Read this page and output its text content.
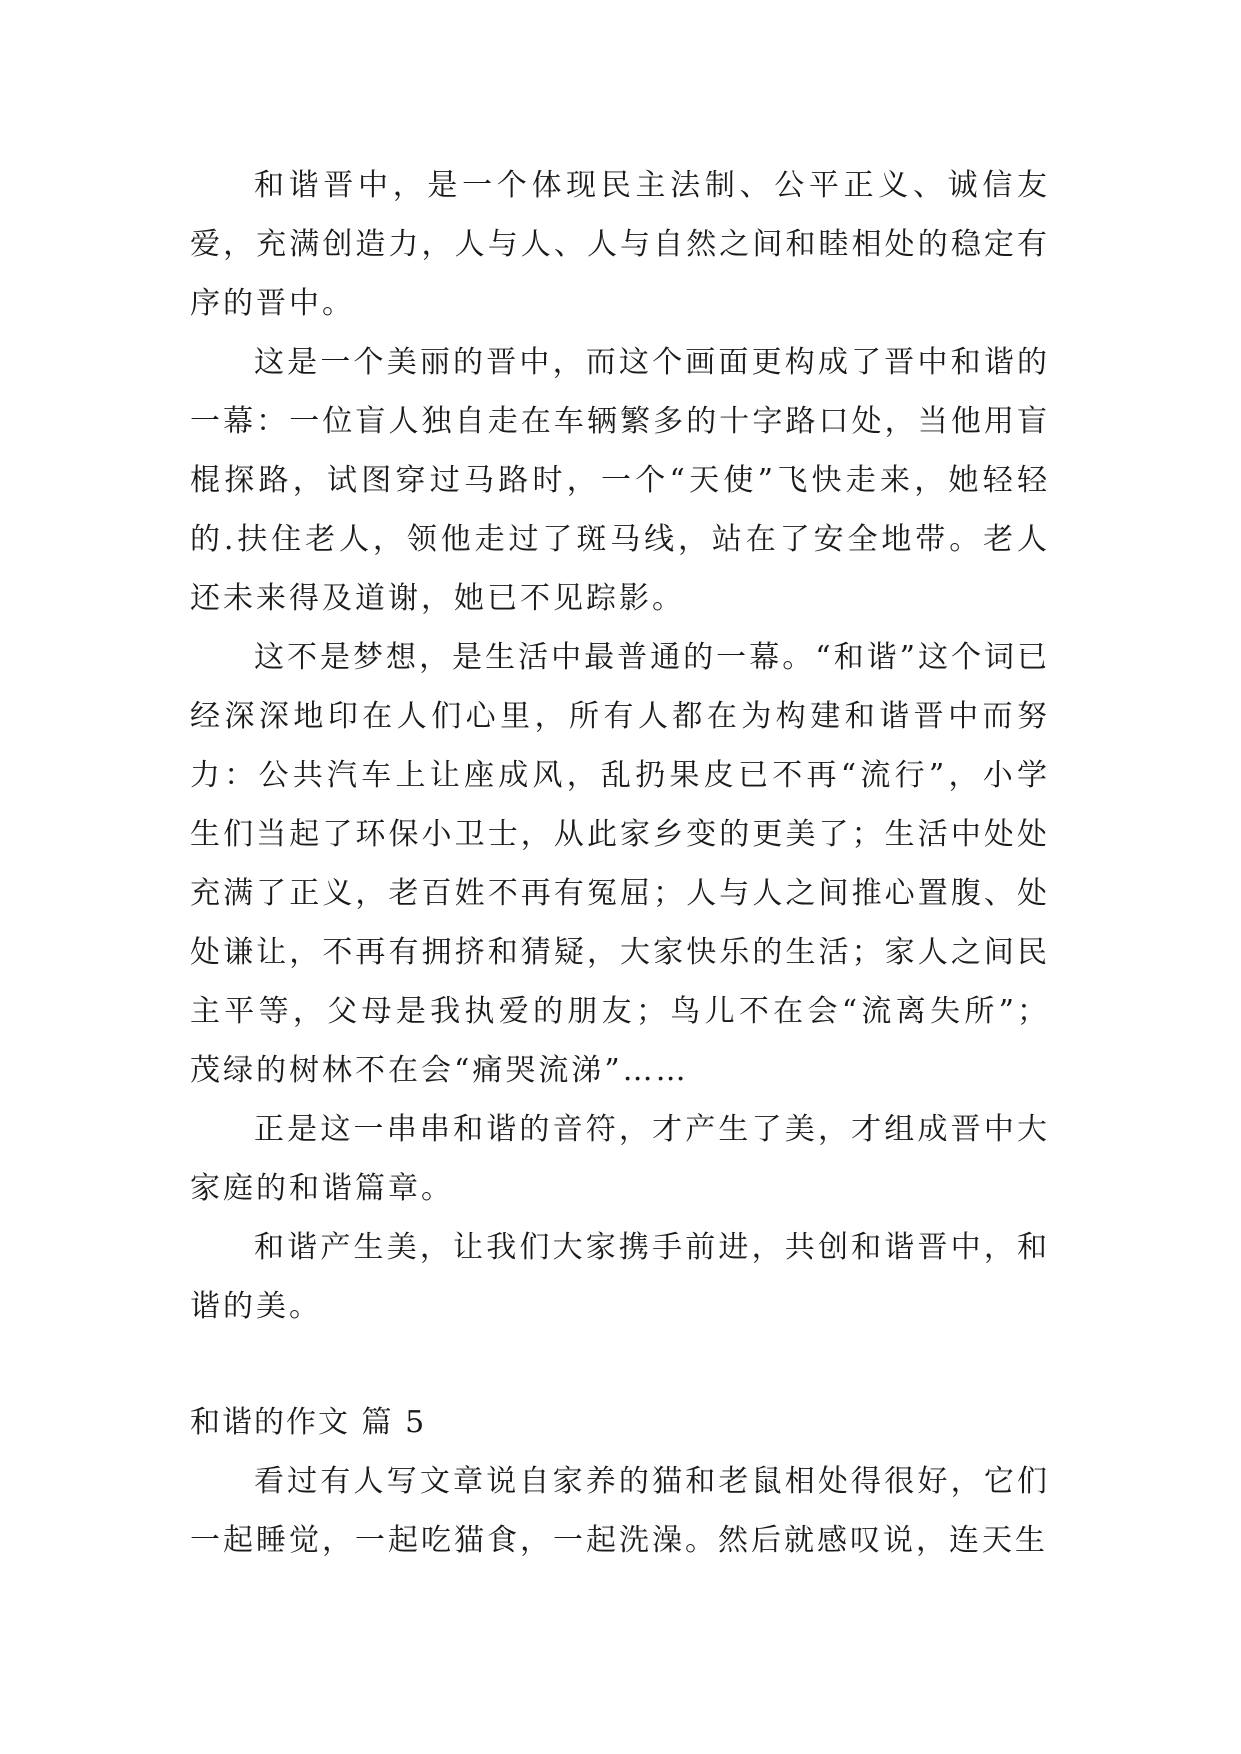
和谐晋中，是一个体现民主法制、公平正义、诚信友爱，充满创造力，人与人、人与自然之间和睦相处的稳定有序的晋中。

这是一个美丽的晋中，而这个画面更构成了晋中和谐的一幕：一位盲人独自走在车辆繁多的十字路口处，当他用盲棍探路，试图穿过马路时，一个“天使”飞快走来，她轻轻的.扶住老人，领他走过了斑马线，站在了安全地带。老人还未来得及道谢，她已不见踪影。

这不是梦想，是生活中最普通的一幕。“和谐”这个词已经深深地印在人们心里，所有人都在为构建和谐晋中而努力：公共汽车上让座成风，乱扔果皮已不再“流行”，小学生们当起了环保小卫士，从此家乡变的更美了；生活中处处充满了正义，老百姓不再有冤屈；人与人之间推心置腹、处处谦让，不再有拥挤和猜疑，大家快乐的生活；家人之间民主平等，父母是我执爱的朋友；鸟儿不在会“流离失所”；茂绿的树林不在会“痛哭流涕”……

正是这一串串和谐的音符，才产生了美，才组成晋中大家庭的和谐篇章。

和谐产生美，让我们大家携手前进，共创和谐晋中，和谐的美。

和谐的作文 篇 5

看过有人写文章说自家养的猫和老鼠相处得很好，它们一起睡觉，一起吃猫食，一起洗澡。然后就感叹说，连天生
